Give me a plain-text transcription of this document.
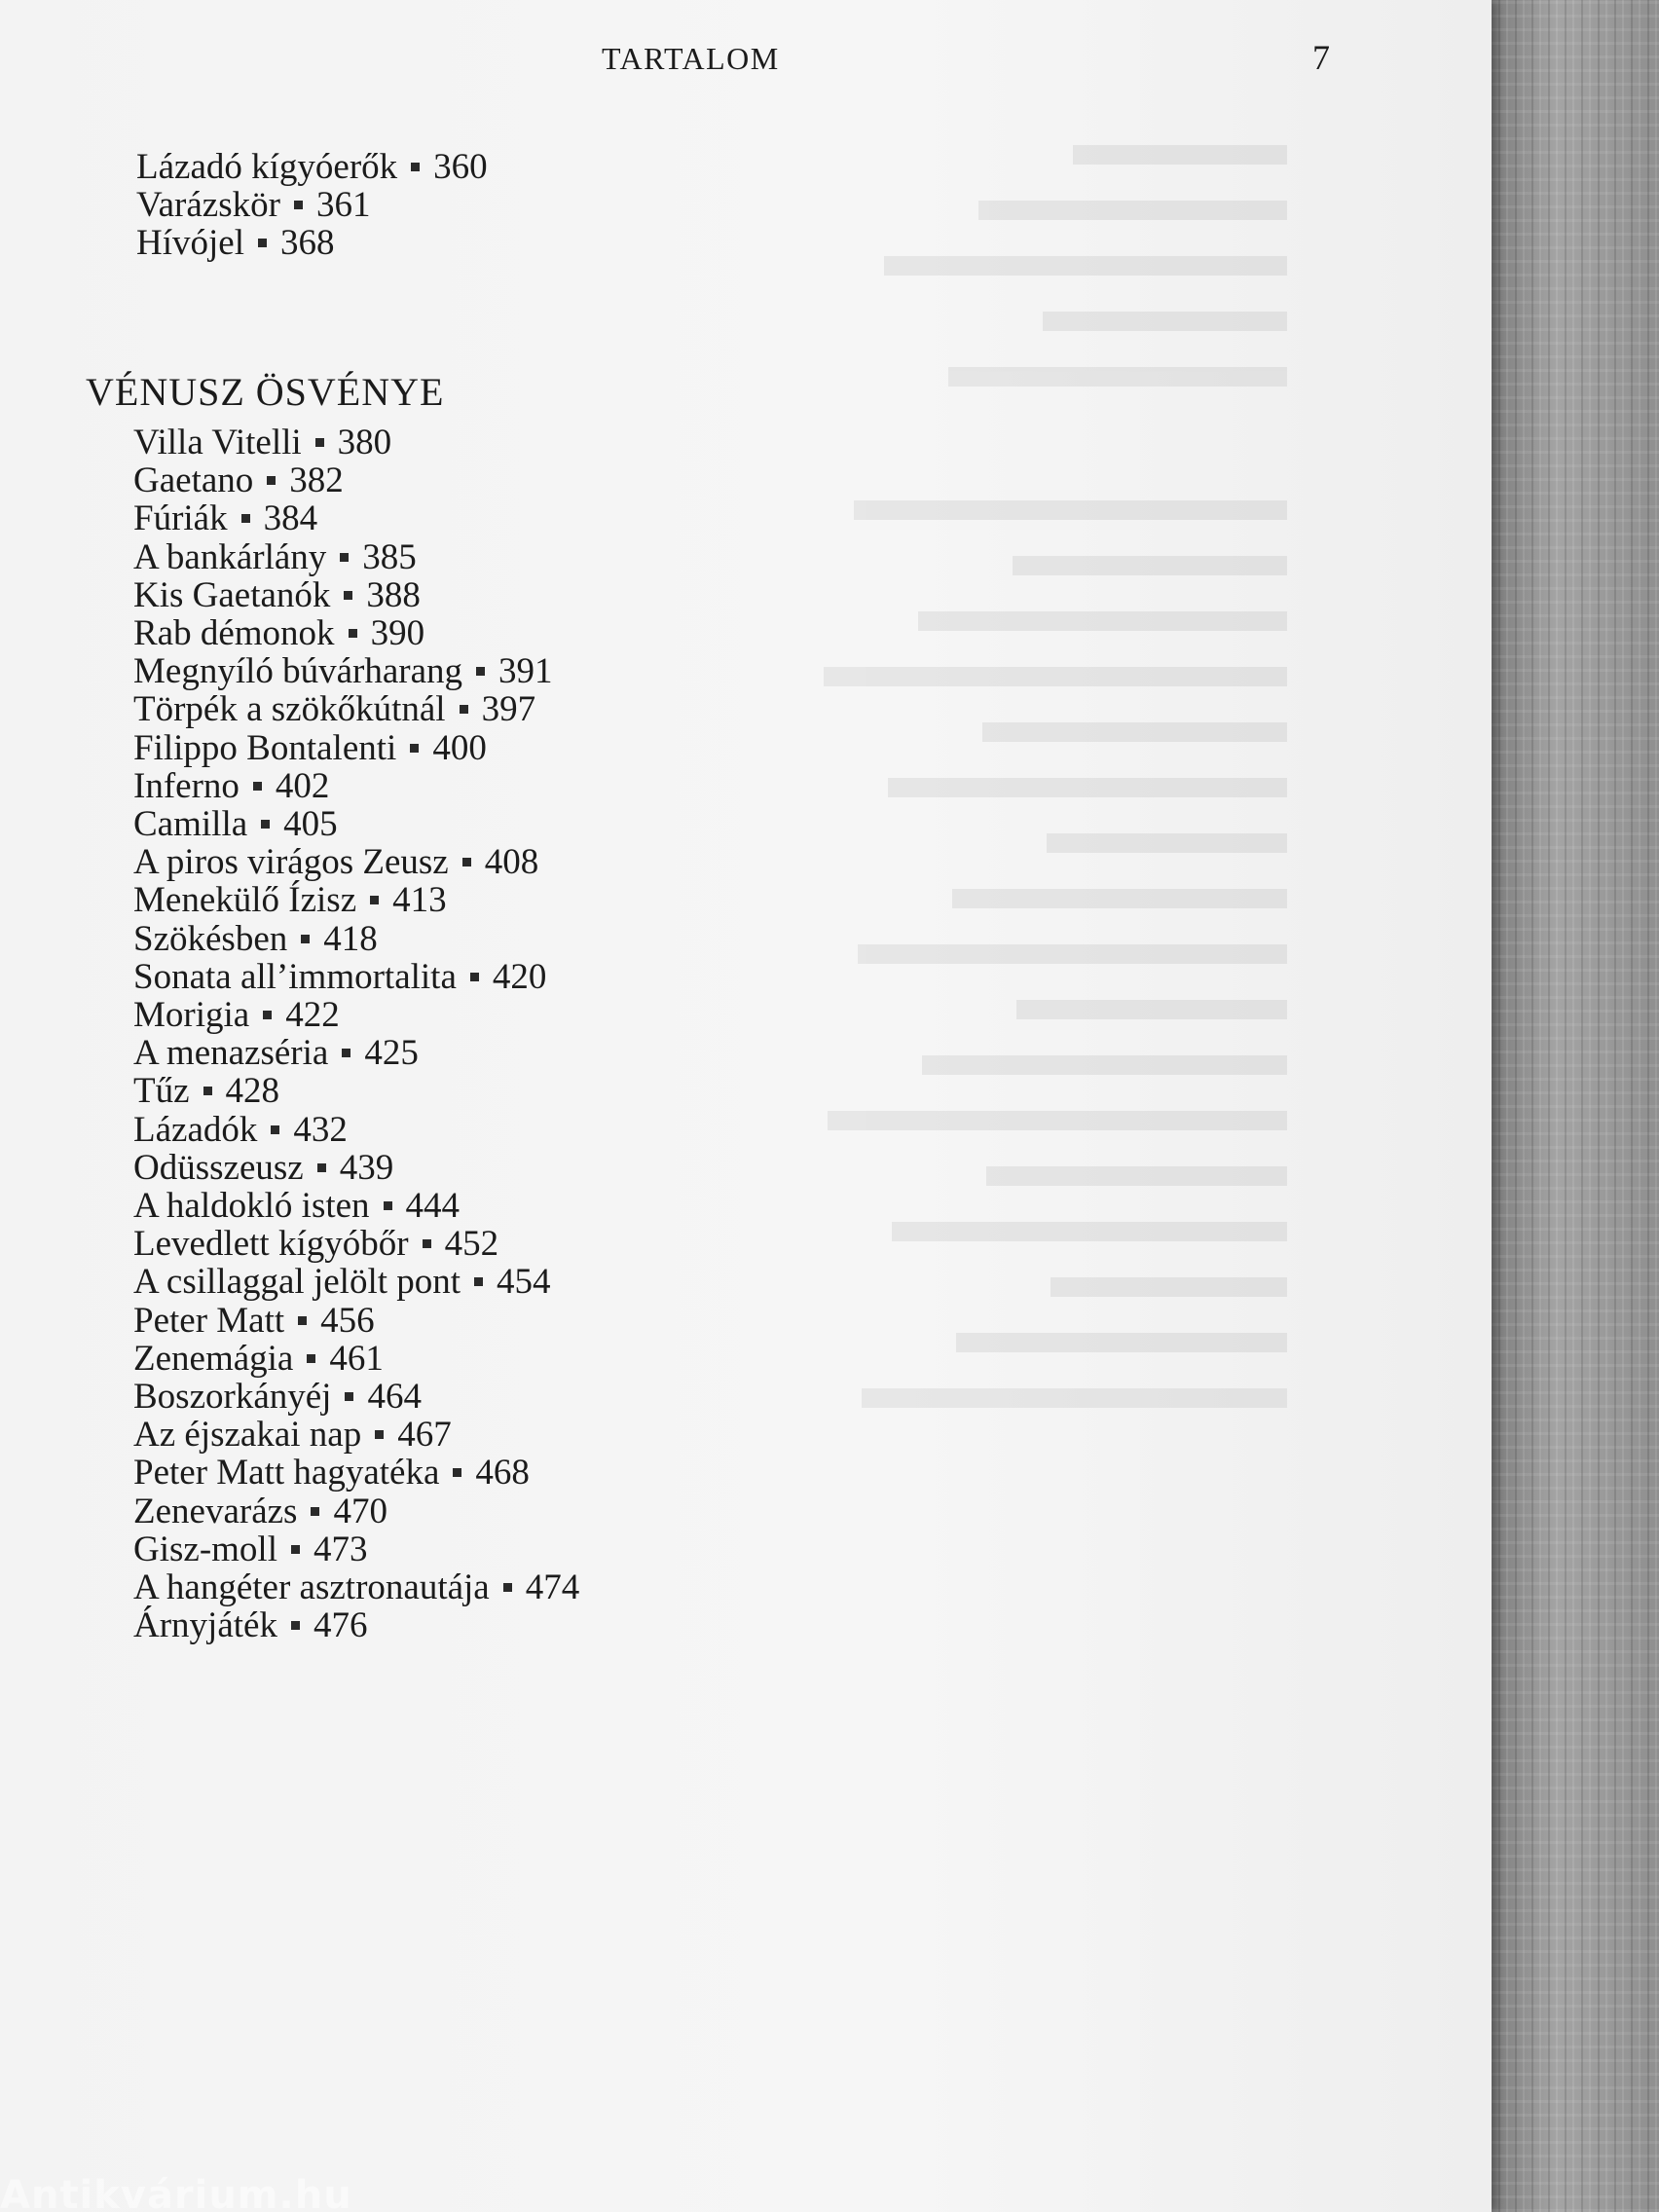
TARTALOM	7
Lázadó kígyóerők 360
Varázskör 361
Hívójel 368
Villa Vitelli 380
Gaetano 382
Fúriák 384
A bankárlány 385
Kis Gaetanók 388
Rab démonok 390
Megnyíló búvárharang 391
Törpék a szökőkútnál 397
Filippo Bontalenti 400
Inferno 402
Camilla 405
A piros virágos Zeusz 408
Menekülő Ízisz 413
Szökésben 418
Sonata all’immortalita 420
Morigia 422
A menazséria 425
Tűz 428
Lázadók 432
Odüsszeusz 439
A haldokló isten 444
Levedlett kígyóbőr 452
A csillaggal jelölt pont 454
Peter Matt 456
Zenemágia 461
Boszorkányéj 464
Az éjszakai nap 467
Peter Matt hagyatéka 468
Zenevarázs 470
Gisz-moll 473
A hangéter asztronautája 474
Árnyjáték 476
VÉNUSZ ÖSVÉNYE
Antikvárium.hu
